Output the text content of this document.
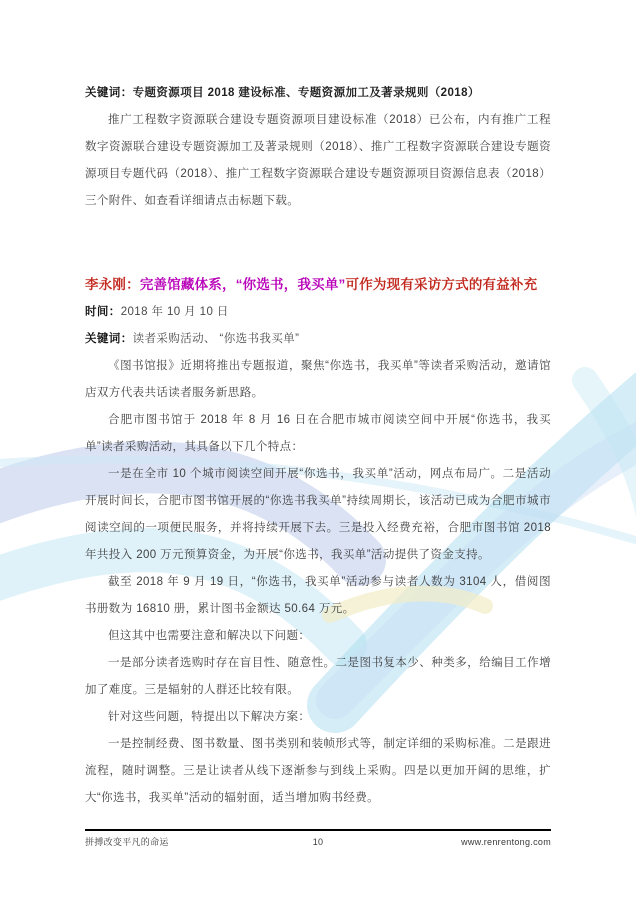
关键词：专题资源项目 2018 建设标准、专题资源加工及著录规则（2018）

推广工程数字资源联合建设专题资源项目建设标准（2018）已公布，内有推广工程数字资源联合建设专题资源加工及著录规则（2018）、推广工程数字资源联合建设专题资源项目专题代码（2018）、推广工程数字资源联合建设专题资源项目资源信息表（2018）三个附件、如查看详细请点击标题下载。

李永刚：完善馆藏体系，“你选书，我买单”可作为现有采访方式的有益补充

时间：2018 年 10 月 10 日

关键词：读者采购活动、 “你选书我买单”

《图书馆报》近期将推出专题报道，聚焦“你选书，我买单”等读者采购活动，邀请馆店双方代表共话读者服务新思路。

合肥市图书馆于 2018 年 8 月 16 日在合肥市城市阅读空间中开展“你选书，我买单”读者采购活动，其具备以下几个特点：

一是在全市 10 个城市阅读空间开展“你选书，我买单”活动，网点布局广。二是活动开展时间长，合肥市图书馆开展的“你选书我买单”持续周期长，该活动已成为合肥市城市阅读空间的一项便民服务，并将持续开展下去。三是投入经费充裕，合肥市图书馆 2018 年共投入 200 万元预算资金，为开展“你选书，我买单”活动提供了资金支持。

截至 2018 年 9 月 19 日，“你选书，我买单”活动参与读者人数为 3104 人，借阅图书册数为 16810 册，累计图书金额达 50.64 万元。

但这其中也需要注意和解决以下问题：

一是部分读者选购时存在盲目性、随意性。二是图书复本少、种类多，给编目工作增加了难度。三是辐射的人群还比较有限。

针对这些问题，特提出以下解决方案：

一是控制经费、图书数量、图书类别和装帧形式等，制定详细的采购标准。二是跟进流程，随时调整。三是让读者从线下逐渐参与到线上采购。四是以更加开阔的思维，扩大“你选书，我买单”活动的辐射面，适当增加购书经费。

10
拼搏改变平凡的命运	www.renrentong.com
